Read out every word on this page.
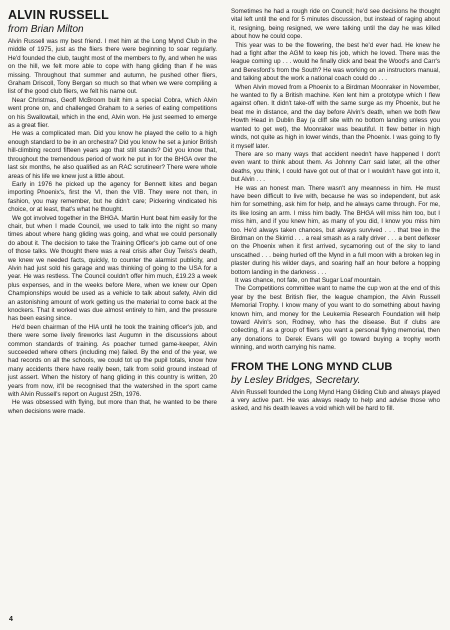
ALVIN RUSSELL
from Brian Milton

Alvin Russell was my best friend. I met him at the Long Mynd Club in the middle of 1975, just as the fliers there were beginning to soar regularly. He'd founded the club, taught most of the members to fly, and when he was on the hill, we felt more able to cope with hang gliding than if he was missing. Throughout that summer and autumn, he pushed other fliers, Graham Driscoll, Tony Bergan so much so that when we were compiling a list of the good club fliers, we felt his name out.

Near Christmas, Geoff McBroom built him a special Cobra, which Alvin went prone on, and challenged Graham to a series of eating competitions on his Swallowtail, which in the end, Alvin won. He just seemed to emerge as a great flier.

He was a complicated man. Did you know he played the cello to a high enough standard to be in an orchestra? Did you know he set a junior British hill-climbing record fifteen years ago that still stands? Did you know that, throughout the tremendous period of work he put in for the BHGA over the last six months, he also qualified as an RAC scrutineer? There were whole areas of his life we knew just a little about.

Early in 1976 he picked up the agency for Bennett kites and began importing Phoenix's, first the VI, then the VIB. They were not then, in fashion, you may remember, but he didn't care; Pickering vindicated his choice, or at least, that's what he thought.

We got involved together in the BHGA. Martin Hunt beat him easily for the chair, but when I made Council, we used to talk into the night so many times about where hang gliding was going, and what we could personally do about it. The decision to take the Training Officer's job came out of one of those talks. We thought there was a real crisis after Guy Twiss's death, we knew we needed facts, quickly, to counter the alarmist publicity, and Alvin had just sold his garage and was thinking of going to the USA for a year. He was restless. The Council couldn't offer him much, £19.23 a week plus expenses, and in the weeks before Mere, when we knew our Open Championships would be used as a vehicle to talk about safety, Alvin did an astonishing amount of work getting us the material to come back at the knockers. That it worked was due almost entirely to him, and the pressure has been easing since.

He'd been chairman of the HIA until he took the training officer's job, and there were some lively fireworks last Augumn in the discussions about common standards of training. As poacher turned game-keeper, Alvin succeeded where others (including me) failed. By the end of the year, we had records on all the schools, we could tot up the pupil totals, know how many accidents there have really been, talk from solid ground instead of just assert. When the history of hang gliding in this country is written, 20 years from now, it'll be recognised that the watershed in the sport came with Alvin Russell's report on August 25th, 1976.

He was obsessed with flying, but more than that, he wanted to be there when decisions were made.

Sometimes he had a rough ride on Council; he'd see decisions he thought vital left until the end for 5 minutes discussion, but instead of raging about it, resigning, being resigned, we were talking until the day he was killed about how he could cope.

This year was to be the flowering, the best he'd ever had. He knew he had a fight after the AGM to keep his job, which he loved. There was the league coming up . . . would he finally click and beat the Wood's and Carr's and Beresford's from the South? He was working on an instructors manual, and talking about the work a national coach could do . . .

When Alvin moved from a Phoenix to a Birdman Moonraker in November, he wanted to fly a British machine. Ken lent him a prototype which I flew against often. It didn't take-off with the same surge as my Phoenix, but he beat me in distance, and the day before Alvin's death, when we both flew Howth Head in Dublin Bay (a cliff site with no bottom landing unless you wanted to get wet), the Moonraker was beautiful. It flew better in high winds, not quite as high in lower winds, than the Phoenix. I was going to fly it myself later.

There are so many ways that accident needn't have happened I don't even want to think about them. As Johnny Carr said later, all the other deaths, you think, I could have got out of that or I wouldn't have got into it, but Alvin . . .

He was an honest man. There wasn't any meanness in him. He must have been difficult to live with, because he was so independent, but ask him for something, ask him for help, and he always came through. For me, its like losing an arm. I miss him badly. The BHGA will miss him too, but I miss him, and if you knew him, as many of you did, I know you miss him too. He'd always taken chances, but always survived . . . that tree in the Birdman on the Skirrid . . . a real smash as a rally driver . . . a bent deflexer on the Phoenix when it first arrived, sycamoring out of the sky to land unscathed . . . being hurled off the Mynd in a full moon with a broken leg in plaster during his wilder days, and soaring half an hour before a hopping bottom landing in the darkness . . .

It was chance, not fate, on that Sugar Loaf mountain.

The Competitions committee want to name the cup won at the end of this year by the best British flier, the league champion, the Alvin Russell Memorial Trophy. I know many of you want to do something about having known him, and money for the Leukemia Research Foundation will help toward Alvin's son, Rodney, who has the disease. But if clubs are collecting, if as a group of fliers you want a personal flying memorial, then any donations to Derek Evans will go toward buying a trophy worth winning, and worth carrying his name.

FROM THE LONG MYND CLUB
by Lesley Bridges, Secretary.

Alvin Russell founded the Long Mynd Hang Gliding Club and always played a very active part. He was always ready to help and advise those who asked, and his death leaves a void which will be hard to fill.

4
